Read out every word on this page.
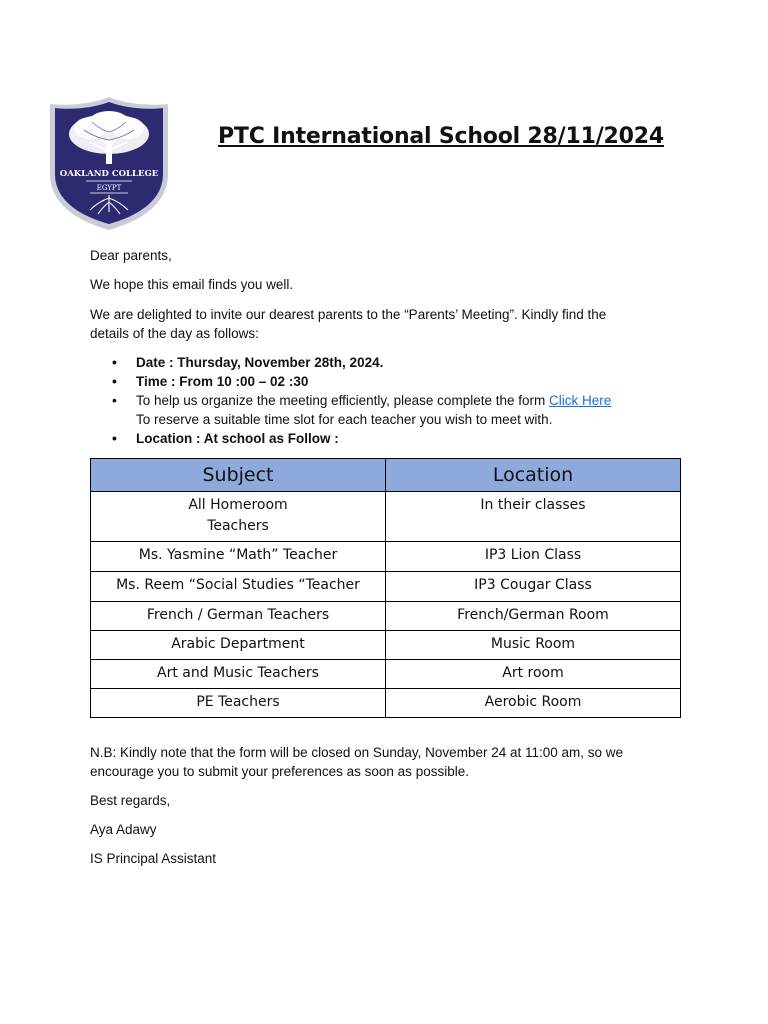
OAKLAND COLLEGE
EGYPT
PTC International School 28/11/2024

Dear parents,

We hope this email finds you well.

We are delighted to invite our dearest parents to the “Parents’ Meeting”. Kindly find the
details of the day as follows:

• Date : Thursday, November 28th, 2024.
• Time : From 10 :00 – 02 :30
• To help us organize the meeting efficiently, please complete the form Click Here
To reserve a suitable time slot for each teacher you wish to meet with.
• Location : At school as Follow :
Subject	Location
All Homeroom
Teachers	In their classes
Ms. Yasmine “Math” Teacher	IP3 Lion Class
Ms. Reem “Social Studies “Teacher	IP3 Cougar Class
French / German Teachers	French/German Room
Arabic Department	Music Room
Art and Music Teachers	Art room
PE Teachers	Aerobic Room

N.B: Kindly note that the form will be closed on Sunday, November 24 at 11:00 am, so we
encourage you to submit your preferences as soon as possible.

Best regards,

Aya Adawy

IS Principal Assistant
